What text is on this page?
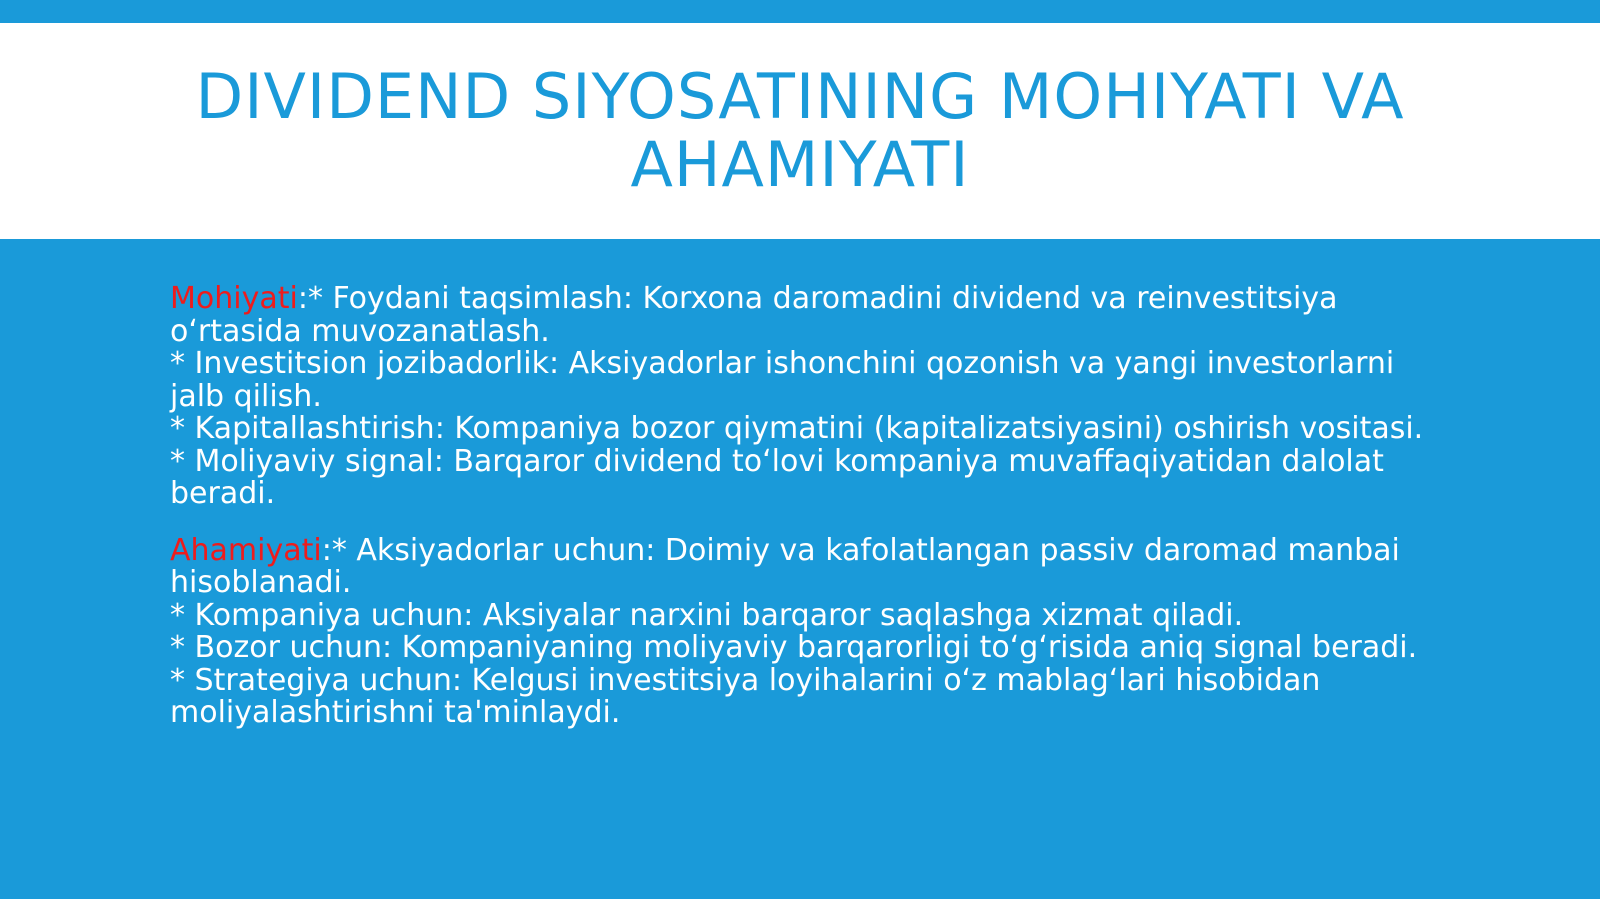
DIVIDEND SIYOSATINING MOHIYATI VA AHAMIYATI

Mohiyati:* Foydani taqsimlash: Korxona daromadini dividend va reinvestitsiya o‘rtasida muvozanatlash.
* Investitsion jozibadorlik: Aksiyadorlar ishonchini qozonish va yangi investorlarni jalb qilish.
* Kapitallashtirish: Kompaniya bozor qiymatini (kapitalizatsiyasini) oshirish vositasi.
* Moliyaviy signal: Barqaror dividend to‘lovi kompaniya muvaffaqiyatidan dalolat beradi.

Ahamiyati:* Aksiyadorlar uchun: Doimiy va kafolatlangan passiv daromad manbai hisoblanadi.
* Kompaniya uchun: Aksiyalar narxini barqaror saqlashga xizmat qiladi.
* Bozor uchun: Kompaniyaning moliyaviy barqarorligi to‘g‘risida aniq signal beradi.
* Strategiya uchun: Kelgusi investitsiya loyihalarini o‘z mablag‘lari hisobidan moliyalashtirishni ta'minlaydi.
